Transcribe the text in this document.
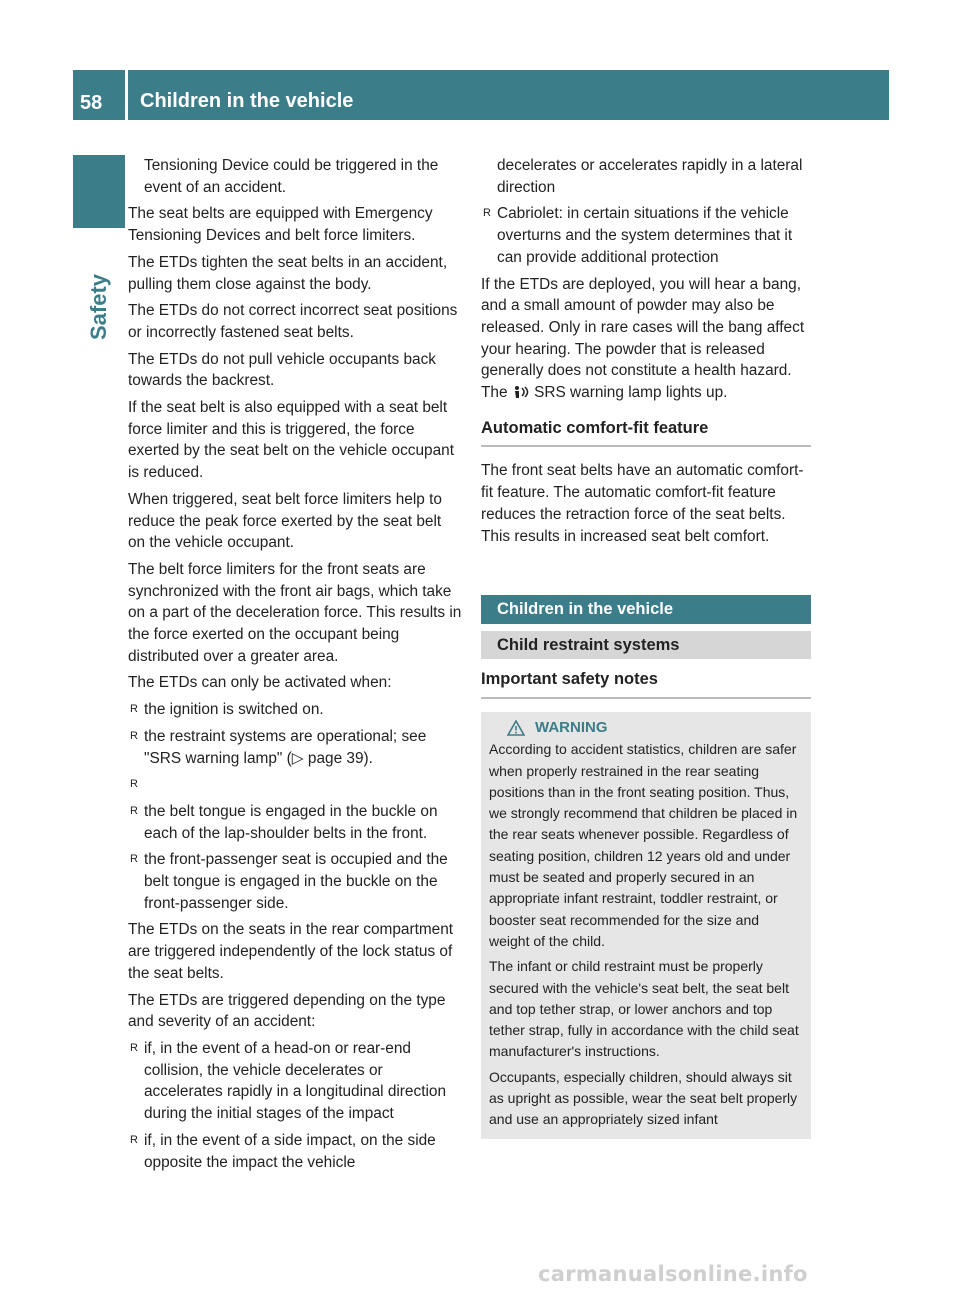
58 Children in the vehicle
Safety

Tensioning Device could be triggered in the event of an accident.

The seat belts are equipped with Emergency Tensioning Devices and belt force limiters.

The ETDs tighten the seat belts in an accident, pulling them close against the body.

The ETDs do not correct incorrect seat positions or incorrectly fastened seat belts.

The ETDs do not pull vehicle occupants back towards the backrest.

If the seat belt is also equipped with a seat belt force limiter and this is triggered, the force exerted by the seat belt on the vehicle occupant is reduced.

When triggered, seat belt force limiters help to reduce the peak force exerted by the seat belt on the vehicle occupant.

The belt force limiters for the front seats are synchronized with the front air bags, which take on a part of the deceleration force. This results in the force exerted on the occupant being distributed over a greater area.

The ETDs can only be activated when:

R the ignition is switched on.
R the restraint systems are operational; see "SRS warning lamp" (▷ page 39).
R
R the belt tongue is engaged in the buckle on each of the lap-shoulder belts in the front.
R the front-passenger seat is occupied and the belt tongue is engaged in the buckle on the front-passenger side.

The ETDs on the seats in the rear compartment are triggered independently of the lock status of the seat belts.

The ETDs are triggered depending on the type and severity of an accident:

R if, in the event of a head-on or rear-end collision, the vehicle decelerates or accelerates rapidly in a longitudinal direction during the initial stages of the impact
R if, in the event of a side impact, on the side opposite the impact the vehicle

decelerates or accelerates rapidly in a lateral direction

R Cabriolet: in certain situations if the vehicle overturns and the system determines that it can provide additional protection

If the ETDs are deployed, you will hear a bang, and a small amount of powder may also be released. Only in rare cases will the bang affect your hearing. The powder that is released generally does not constitute a health hazard. The SRS warning lamp lights up.

Automatic comfort-fit feature

The front seat belts have an automatic comfort-fit feature. The automatic comfort-fit feature reduces the retraction force of the seat belts. This results in increased seat belt comfort.

Children in the vehicle
Child restraint systems
Important safety notes
WARNING

According to accident statistics, children are safer when properly restrained in the rear seating positions than in the front seating position. Thus, we strongly recommend that children be placed in the rear seats whenever possible. Regardless of seating position, children 12 years old and under must be seated and properly secured in an appropriate infant restraint, toddler restraint, or booster seat recommended for the size and weight of the child.

The infant or child restraint must be properly secured with the vehicle's seat belt, the seat belt and top tether strap, or lower anchors and top tether strap, fully in accordance with the child seat manufacturer's instructions.

Occupants, especially children, should always sit as upright as possible, wear the seat belt properly and use an appropriately sized infant

carmanualsonline.info
